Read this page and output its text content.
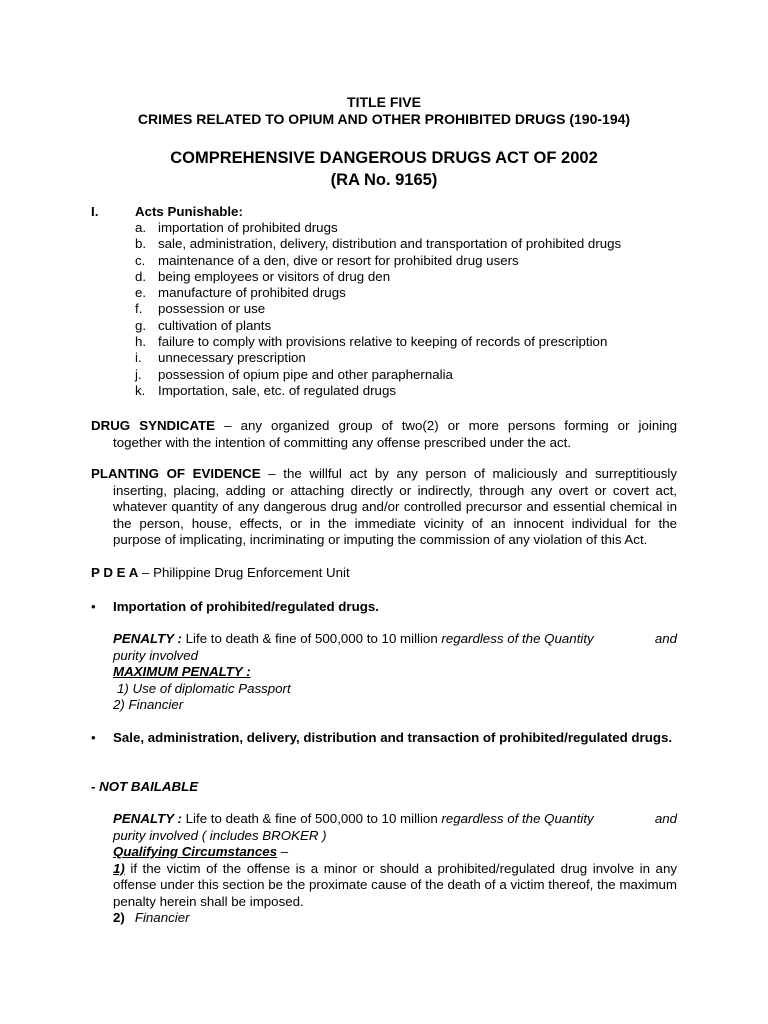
TITLE FIVE
CRIMES RELATED TO OPIUM AND OTHER PROHIBITED DRUGS (190-194)
COMPREHENSIVE DANGEROUS DRUGS ACT OF 2002
(RA No. 9165)
I.	Acts Punishable:
a. importation of prohibited drugs
b. sale, administration, delivery, distribution and transportation of prohibited drugs
c. maintenance of a den, dive or resort for prohibited drug users
d. being employees or visitors of drug den
e. manufacture of prohibited drugs
f. possession or use
g. cultivation of plants
h. failure to comply with provisions relative to keeping of records of prescription
i. unnecessary prescription
j. possession of opium pipe and other paraphernalia
k. Importation, sale, etc. of regulated drugs
DRUG SYNDICATE – any organized group of two(2) or more persons forming or joining
together with the intention of committing any offense prescribed under the act.
PLANTING OF EVIDENCE – the willful act by any person of maliciously and surreptitiously
inserting, placing, adding or attaching directly or indirectly, through any overt or covert act, whatever quantity of any dangerous drug and/or controlled precursor and essential chemical in the person, house, effects, or in the immediate vicinity of an innocent individual for the
purpose of implicating, incriminating or imputing the commission of any violation of this Act.
P D E A – Philippine Drug Enforcement Unit
• Importation of prohibited/regulated drugs.
PENALTY : Life to death & fine of 500,000 to 10 million regardless of the Quantity	and
purity involved
MAXIMUM PENALTY :
1) Use of diplomatic Passport
2) Financier
• Sale, administration, delivery, distribution and transaction of prohibited/regulated drugs.
- NOT BAILABLE
PENALTY : Life to death & fine of 500,000 to 10 million regardless of the Quantity	and
purity involved ( includes BROKER )
Qualifying Circumstances –
1) if the victim of the offense is a minor or should a prohibited/regulated drug involve in any offense under this section be the proximate cause of the death of a victim thereof, the maximum penalty herein shall be imposed.
2) Financier
